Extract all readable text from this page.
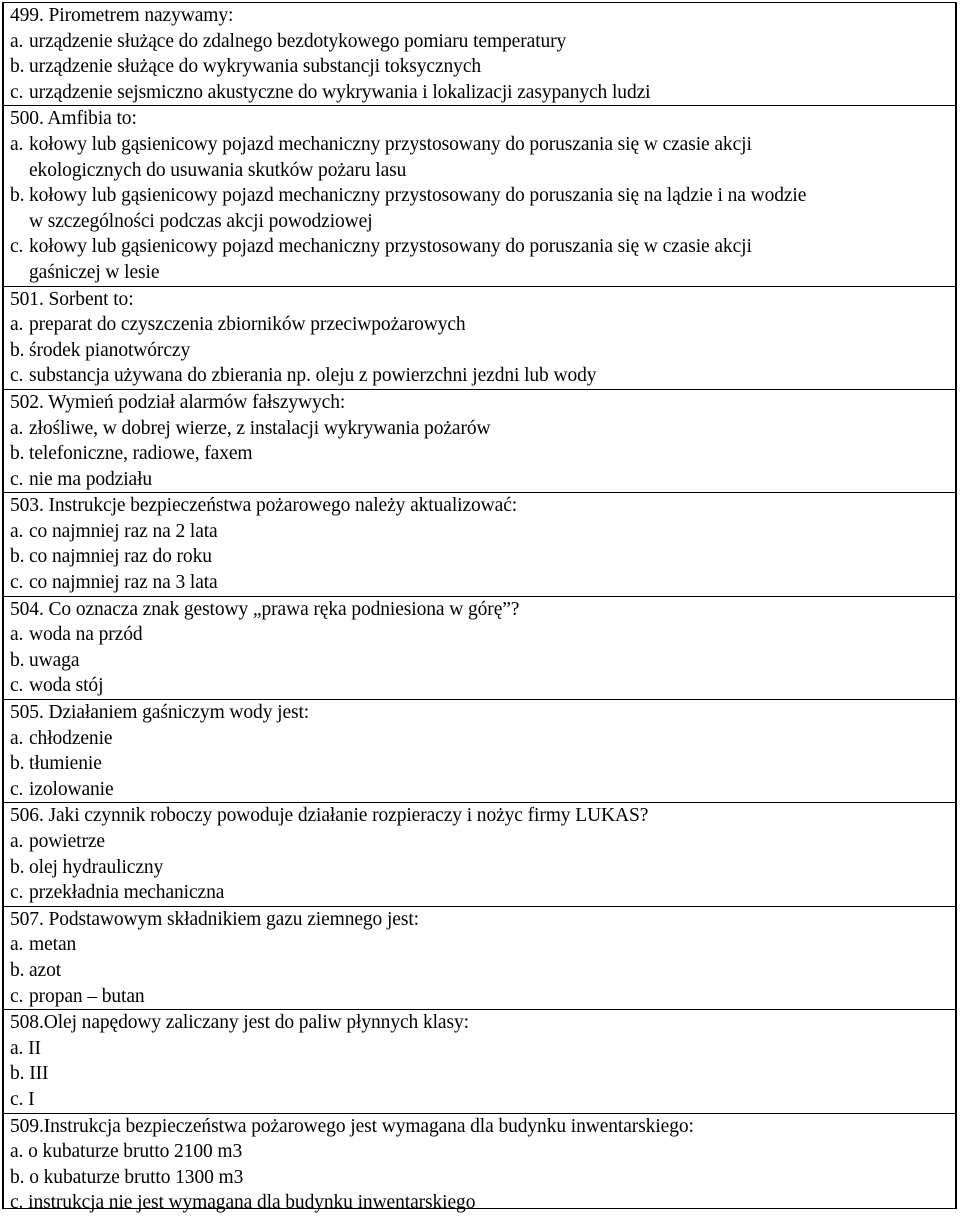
499. Pirometrem nazywamy:
a. urządzenie służące do zdalnego bezdotykowego pomiaru temperatury
b. urządzenie służące do wykrywania substancji toksycznych
c. urządzenie sejsmiczno akustyczne do wykrywania i lokalizacji zasypanych ludzi
500. Amfibia to:
a. kołowy lub gąsienicowy pojazd mechaniczny przystosowany do poruszania się w czasie akcji
ekologicznych do usuwania skutków pożaru lasu
b. kołowy lub gąsienicowy pojazd mechaniczny przystosowany do poruszania się na lądzie i na wodzie
w szczególności podczas akcji powodziowej
c. kołowy lub gąsienicowy pojazd mechaniczny przystosowany do poruszania się w czasie akcji
gaśniczej w lesie
501. Sorbent to:
a. preparat do czyszczenia zbiorników przeciwpożarowych
b. środek pianotwórczy
c. substancja używana do zbierania np. oleju z powierzchni jezdni lub wody
502. Wymień podział alarmów fałszywych:
a. złośliwe, w dobrej wierze, z instalacji wykrywania pożarów
b. telefoniczne, radiowe, faxem
c. nie ma podziału
503. Instrukcje bezpieczeństwa pożarowego należy aktualizować:
a. co najmniej raz na 2 lata
b. co najmniej raz do roku
c. co najmniej raz na 3 lata
504. Co oznacza znak gestowy „prawa ręka podniesiona w górę”?
a. woda na przód
b. uwaga
c. woda stój
505. Działaniem gaśniczym wody jest:
a. chłodzenie
b. tłumienie
c. izolowanie
506. Jaki czynnik roboczy powoduje działanie rozpieraczy i nożyc firmy LUKAS?
a. powietrze
b. olej hydrauliczny
c. przekładnia mechaniczna
507. Podstawowym składnikiem gazu ziemnego jest:
a. metan
b. azot
c. propan – butan
508.Olej napędowy zaliczany jest do paliw płynnych klasy:
a.
II
b.
III
c.
I
509.Instrukcja bezpieczeństwa pożarowego jest wymagana dla budynku inwentarskiego:
a.
o kubaturze brutto 2100 m3
b.
o kubaturze brutto 1300 m3
c.
instrukcja nie jest wymagana dla budynku inwentarskiego
